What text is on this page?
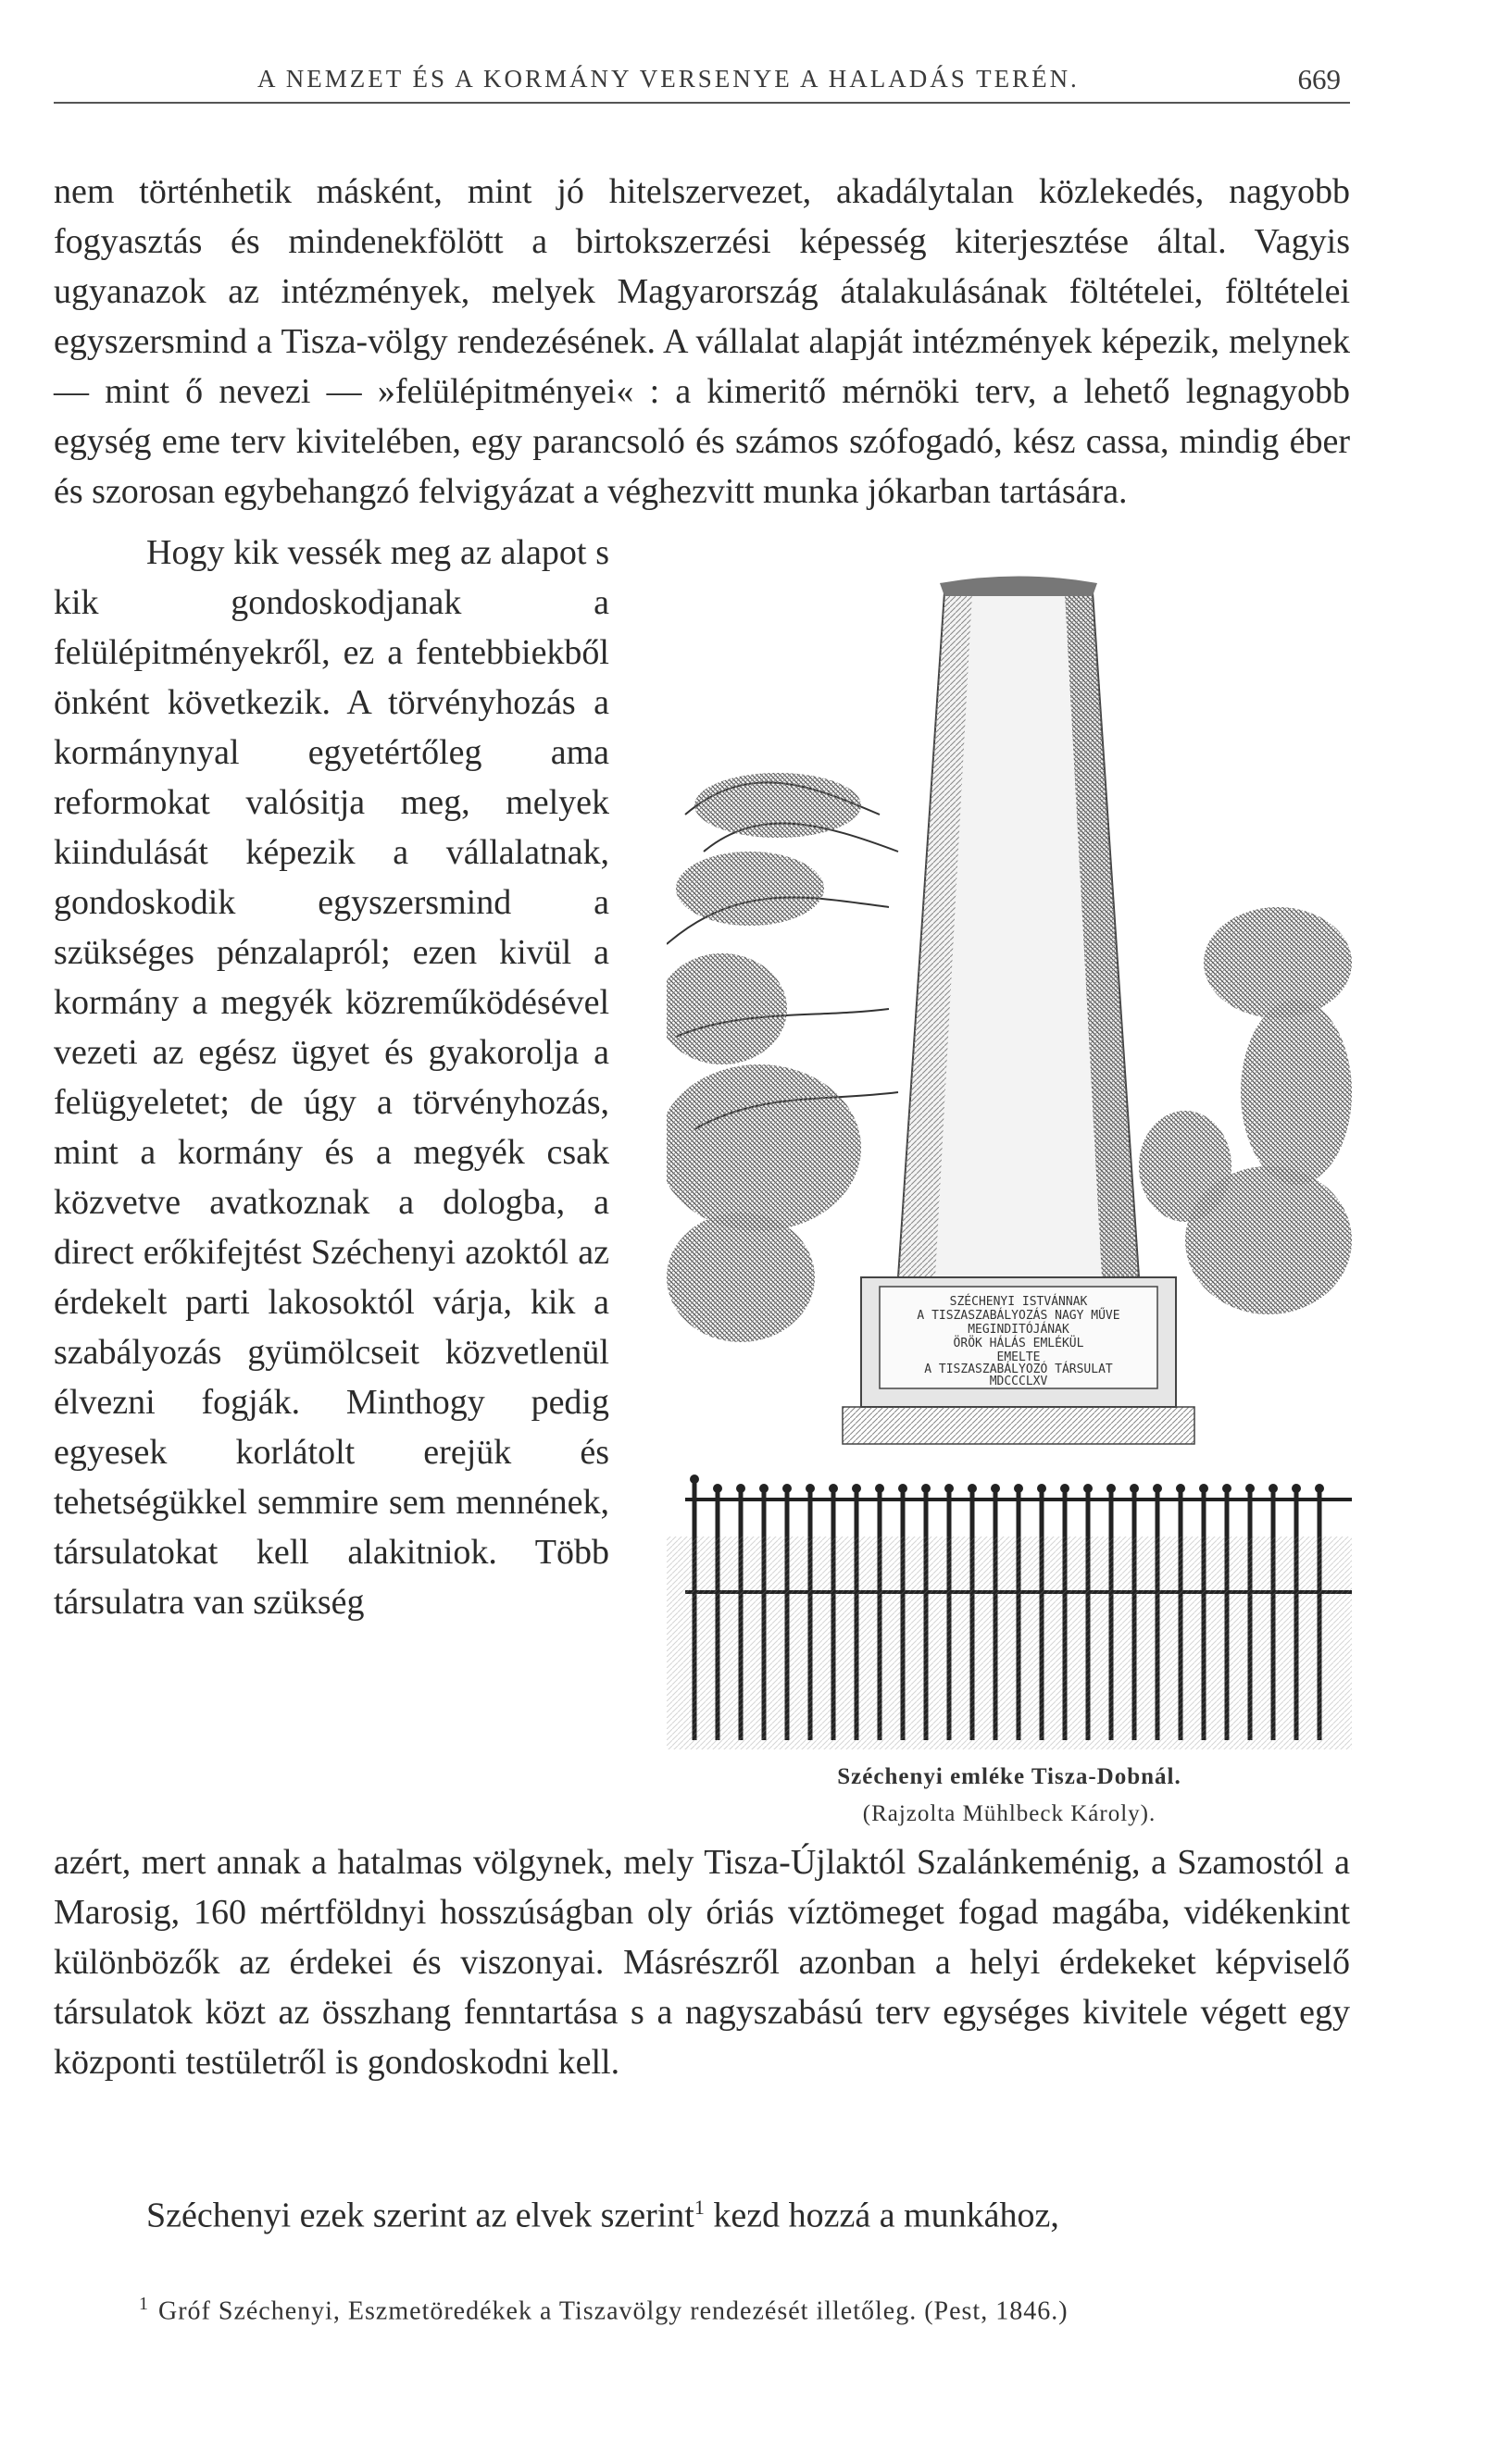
A NEMZET ÉS A KORMÁNY VERSENYE A HALADÁS TERÉN.	669

nem történhetik másként, mint jó hitelszervezet, akadálytalan közlekedés, nagyobb fogyasztás és mindenekfölött a birtokszerzési képesség kiterjesztése által. Vagyis ugyanazok az intézmények, melyek Magyarország átalakulásának föltételei, föltételei egyszersmind a Tisza-völgy rendezésének. A vállalat alapját intézmények képezik, melynek — mint ő nevezi — »felülépitményei« : a kimeritő mérnöki terv, a lehető legnagyobb egység eme terv kivitelében, egy parancsoló és számos szófogadó, kész cassa, mindig éber és szorosan egybehangzó felvigyázat a véghezvitt munka jókarban tartására.

Hogy kik vessék meg az alapot s kik gondoskodjanak a felülépitményekről, ez a fentebbiekből önként következik. A törvényhozás a kormánynyal egyetértőleg ama reformokat valósitja meg, melyek kiindulását képezik a vállalatnak, gondoskodik egyszersmind a szükséges pénzalapról; ezen kivül a kormány a megyék közreműködésével vezeti az egész ügyet és gyakorolja a felügyeletet; de úgy a törvényhozás, mint a kormány és a megyék csak közvetve avatkoznak a dologba, a direct erőkifejtést Széchenyi azoktól az érdekelt parti lakosoktól várja, kik a szabályozás gyümölcseit közvetlenül élvezni fogják. Minthogy pedig egyesek korlátolt erejük és tehetségükkel semmire sem mennének, társulatokat kell alakitniok. Több társulatra van szükség

SZÉCHENYI ISTVÁNNAK
A TISZASZABÁLYOZÁS NAGY MŰVE
MEGINDITÓJÁNAK
ÖRÖK HÁLÁS EMLÉKÜL
EMELTE
A TISZASZABÁLYOZÓ TÁRSULAT
MDCCCLXV
Széchenyi emléke Tisza-Dobnál.
(Rajzolta Mühlbeck Károly).

azért, mert annak a hatalmas völgynek, mely Tisza-Újlaktól Szalánkeménig, a Szamostól a Marosig, 160 mértföldnyi hosszúságban oly óriás víztömeget fogad magába, vidékenkint különbözők az érdekei és viszonyai. Másrészről azonban a helyi érdekeket képviselő társulatok közt az összhang fenntartása s a nagyszabású terv egységes kivitele végett egy központi testületről is gondoskodni kell.

Széchenyi ezek szerint az elvek szerint$^1$ kezd hozzá a munkához,

$^1$ Gróf Széchenyi, Eszmetöredékek a Tiszavölgy rendezését illetőleg. (Pest, 1846.)
